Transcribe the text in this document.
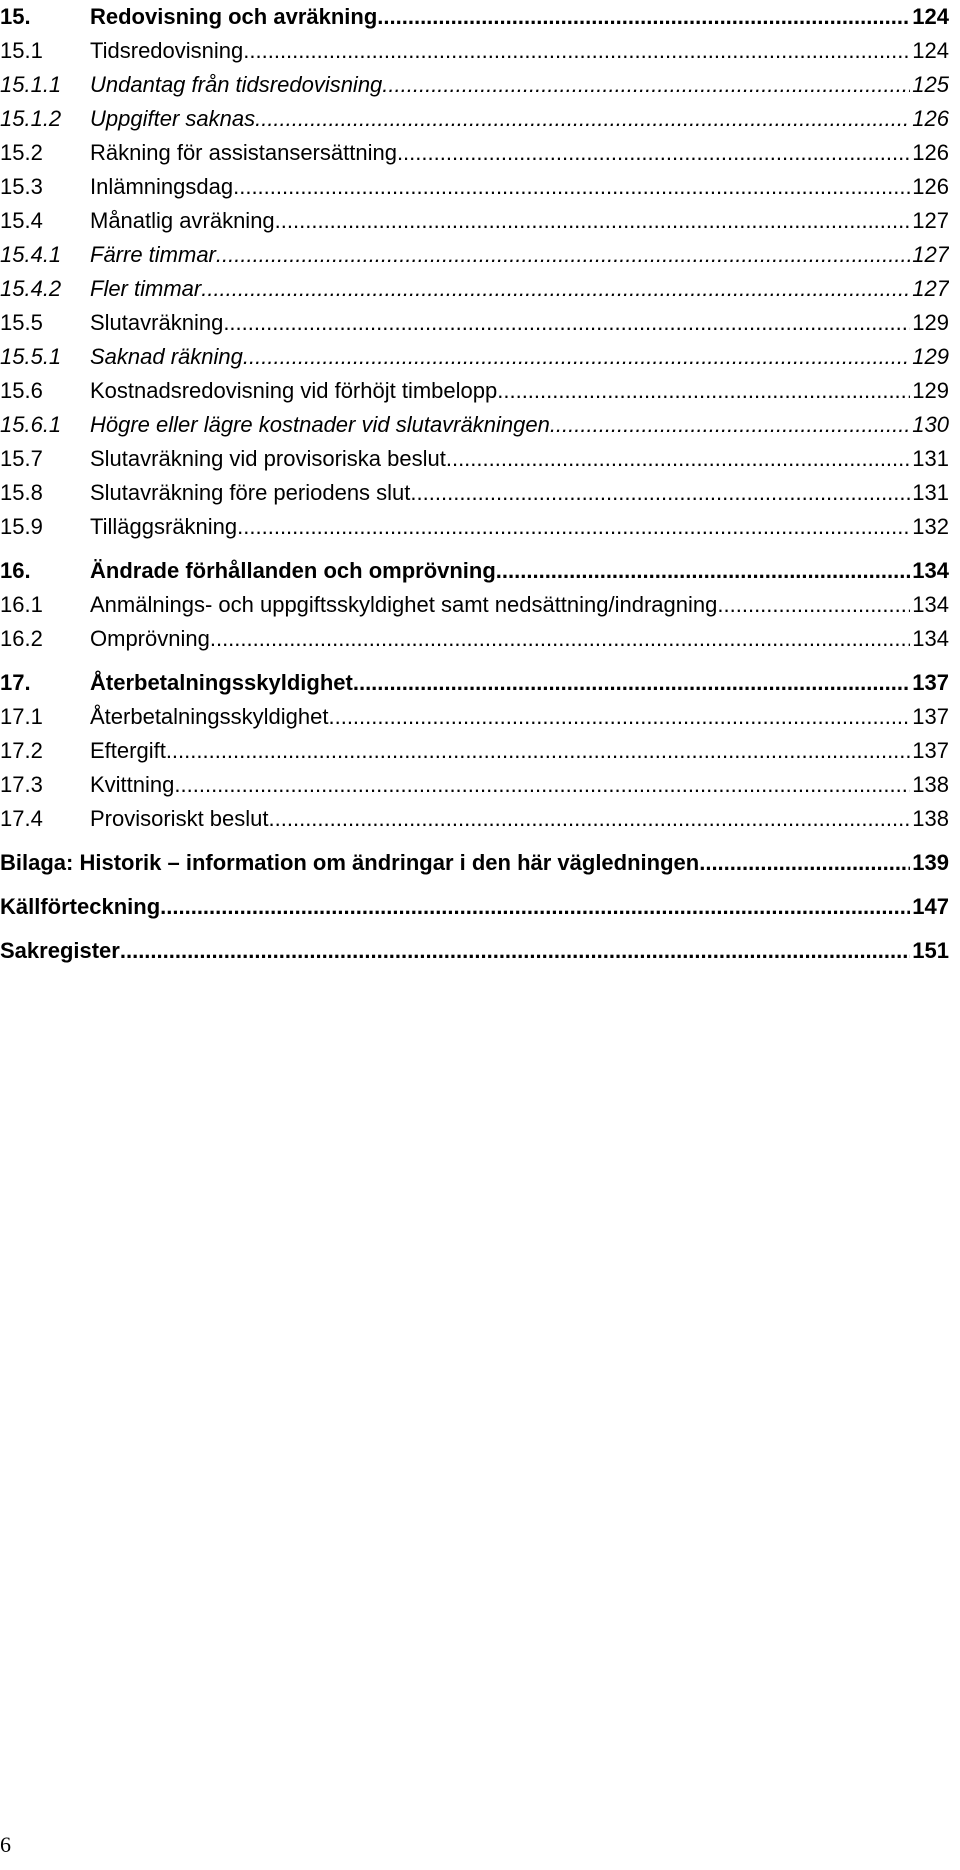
15.	Redovisning och avräkning .....	124
15.1	Tidsredovisning .....	124
15.1.1	Undantag från tidsredovisning .....	125
15.1.2	Uppgifter saknas .....	126
15.2	Räkning för assistansersättning .....	126
15.3	Inlämningsdag .....	126
15.4	Månatlig avräkning .....	127
15.4.1	Färre timmar .....	127
15.4.2	Fler timmar .....	127
15.5	Slutavräkning .....	129
15.5.1	Saknad räkning .....	129
15.6	Kostnadsredovisning vid förhöjt timbelopp .....	129
15.6.1	Högre eller lägre kostnader vid slutavräkningen .....	130
15.7	Slutavräkning vid provisoriska beslut .....	131
15.8	Slutavräkning före periodens slut .....	131
15.9	Tilläggsräkning .....	132
16.	Ändrade förhållanden och omprövning .....	134
16.1	Anmälnings- och uppgiftsskyldighet samt nedsättning/indragning .....	134
16.2	Omprövning .....	134
17.	Återbetalningsskyldighet .....	137
17.1	Återbetalningsskyldighet .....	137
17.2	Eftergift .....	137
17.3	Kvittning .....	138
17.4	Provisoriskt beslut .....	138
Bilaga: Historik – information om ändringar i den här vägledningen .....	139
Källförteckning .....	147
Sakregister .....	151
6
